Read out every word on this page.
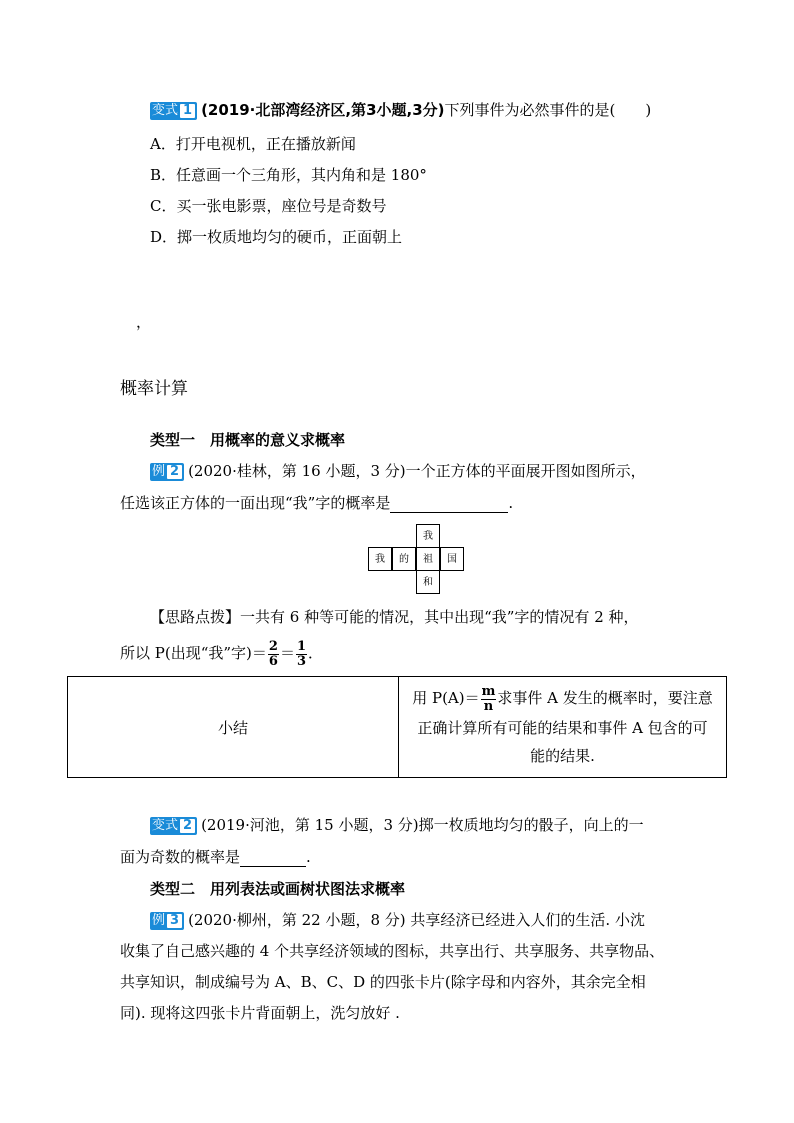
变式 1 (2019·北部湾经济区,第3小题,3分)下列事件为必然事件的是( )
A．打开电视机，正在播放新闻
B．任意画一个三角形，其内角和是 180°
C．买一张电影票，座位号是奇数号
D．掷一枚质地均匀的硬币，正面朝上
，
概率计算
类型一　用概率的意义求概率
例 2 (2020·桂林，第 16 小题，3 分)一个正方体的平面展开图如图所示，
任选该正方体的一面出现“我”字的概率是	.
我
我	的	祖	国
和
【思路点拨】一共有 6 种等可能的情况，其中出现“我”字的情况有 2 种，
所以 P(出现“我”字)＝ $\frac{2}{6} = \frac{1}{3}$ ．
小结	
用 $P(A)= \frac{m}{n}$ 求事件 A 发生的概率时，要注意
正确计算所有可能的结果和事件 A 包含的可
能的结果.
变式 2 (2019·河池，第 15 小题，3 分)掷一枚质地均匀的骰子，向上的一
面为奇数的概率是	.
类型二　用列表法或画树状图法求概率
例 3 (2020·柳州，第 22 小题，8 分) 共享经济已经进入人们的生活. 小沈
收集了自己感兴趣的 4 个共享经济领域的图标，共享出行、共享服务、共享物品、
共享知识，制成编号为 A、B、C、D 的四张卡片(除字母和内容外，其余完全相
同). 现将这四张卡片背面朝上，洗匀放好 .
